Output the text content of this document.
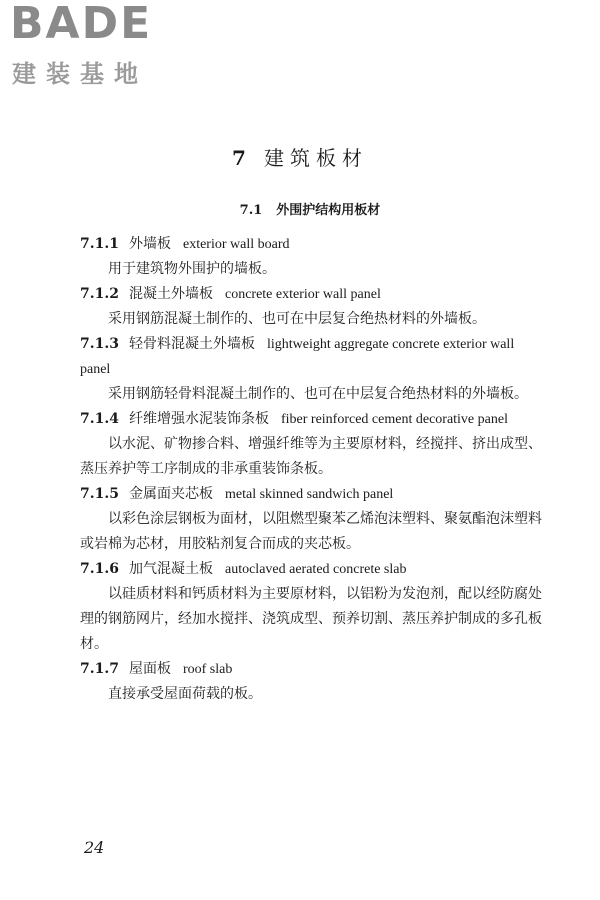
BADE
建装基地
7 建筑板材
7.1 外围护结构用板材
7.1.1 外墙板 exterior wall board
用于建筑物外围护的墙板。
7.1.2 混凝土外墙板 concrete exterior wall panel
采用钢筋混凝土制作的、也可在中层复合绝热材料的外墙板。
7.1.3 轻骨料混凝土外墙板 lightweight aggregate concrete exterior wall panel
采用钢筋轻骨料混凝土制作的、也可在中层复合绝热材料的外墙板。
7.1.4 纤维增强水泥装饰条板 fiber reinforced cement decorative panel
以水泥、矿物掺合料、增强纤维等为主要原材料，经搅拌、挤出成型、蒸压养护等工序制成的非承重装饰条板。
7.1.5 金属面夹芯板 metal skinned sandwich panel
以彩色涂层钢板为面材，以阻燃型聚苯乙烯泡沫塑料、聚氨酯泡沫塑料或岩棉为芯材，用胶粘剂复合而成的夹芯板。
7.1.6 加气混凝土板 autoclaved aerated concrete slab
以硅质材料和钙质材料为主要原材料，以铝粉为发泡剂，配以经防腐处理的钢筋网片，经加水搅拌、浇筑成型、预养切割、蒸压养护制成的多孔板材。
7.1.7 屋面板 roof slab
直接承受屋面荷载的板。
24
